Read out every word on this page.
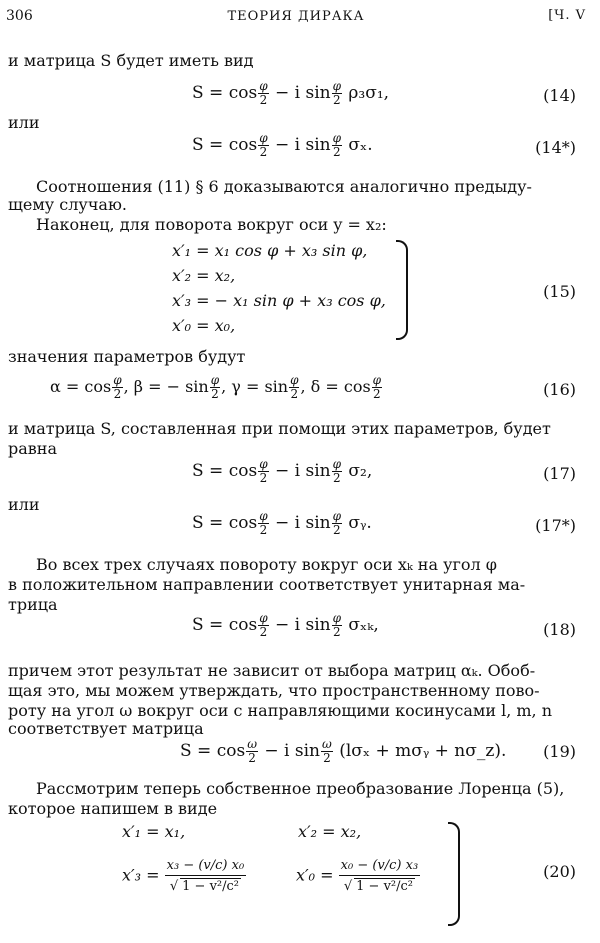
306	ТЕОРИЯ ДИРАКА	[Ч. V
и матрица S будет иметь вид
$S = \cos \frac{\varphi}{2} - i$ $\sin \frac{\varphi}{2} \rho_3\sigma_1$,	(14)
или
$S = \cos \frac{\varphi}{2} - i$ $\sin \frac{\varphi}{2} \sigma_x$.	(14*)
Соотношения (11) § 6 доказываются аналогично предыду-
щему случаю.
Наконец, для поворота вокруг оси y = x₂:
x′₁ = x₁ cos φ + x₃ sin φ,
x′₂ = x₂,
x′₃ = − x₁ sin φ + x₃ cos φ,
x′₀ = x₀,
(15)
значения параметров будут
$\alpha = \cos \frac{\varphi}{2}$ , β = − $\sin \frac{\varphi}{2}$ , $\gamma = \sin \frac{\varphi}{2}$ , $\delta = \cos \frac{\varphi}{2}$	(16)
и матрица S, составленная при помощи этих параметров, будет
равна
$S = \cos \frac{\varphi}{2} - i$ $\sin \frac{\varphi}{2} \sigma_2$,	(17)
или
$S = \cos \frac{\varphi}{2} - i$ $\sin \frac{\varphi}{2}$ σᵧ.	(17*)
Во всех трех случаях повороту вокруг оси xₖ на угол φ
в положительном направлении соответствует унитарная ма-
трица
$S = \cos \frac{\varphi}{2} - i$ $\sin \frac{\varphi}{2} \sigma_{xk}$,	(18)
причем этот результат не зависит от выбора матриц αₖ. Обоб-
щая это, мы можем утверждать, что пространственному пово-
роту на угол ω вокруг оси с направляющими косинусами l, m, n
соответствует матрица
$S = \cos \frac{\omega}{2} - i$ $\sin \frac{\omega}{2} (l\sigma_x$ + mσᵧ + nσ_z). (19)
Рассмотрим теперь собственное преобразование Лоренца (5),
которое напишем в виде
x′₁ = x₁,	x′₂ = x₂,
$x'_3 = \frac{\text{x₃ − (v/c) x₀}}{\text{√ 1 − v²/c²}}$	$x'_0 = \frac{\text{x₀ − (v/c) x₃}}{\text{√ 1 − v²/c²}}$	(20)
